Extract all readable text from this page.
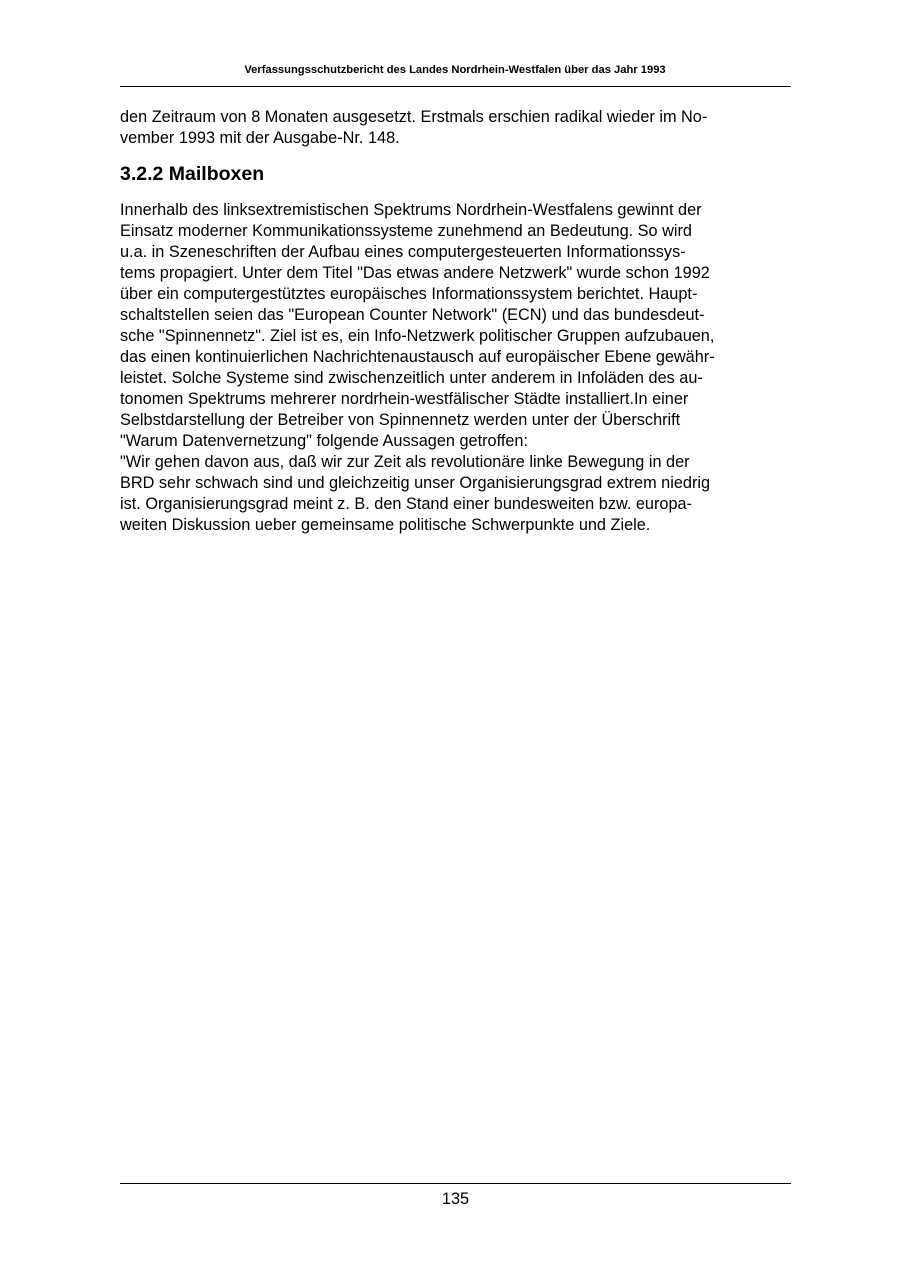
Verfassungsschutzbericht des Landes Nordrhein-Westfalen über das Jahr 1993
den Zeitraum von 8 Monaten ausgesetzt. Erstmals erschien radikal wieder im No-
vember 1993 mit der Ausgabe-Nr. 148.
3.2.2 Mailboxen
Innerhalb des linksextremistischen Spektrums Nordrhein-Westfalens gewinnt der
Einsatz moderner Kommunikationssysteme zunehmend an Bedeutung. So wird
u.a. in Szeneschriften der Aufbau eines computergesteuerten Informationssys-
tems propagiert. Unter dem Titel "Das etwas andere Netzwerk" wurde schon 1992
über ein computergestütztes europäisches Informationssystem berichtet. Haupt-
schaltstellen seien das "European Counter Network" (ECN) und das bundesdeut-
sche "Spinnennetz". Ziel ist es, ein Info-Netzwerk politischer Gruppen aufzubauen,
das einen kontinuierlichen Nachrichtenaustausch auf europäischer Ebene gewähr-
leistet. Solche Systeme sind zwischenzeitlich unter anderem in Infoläden des au-
tonomen Spektrums mehrerer nordrhein-westfälischer Städte installiert.In einer
Selbstdarstellung der Betreiber von Spinnennetz werden unter der Überschrift
"Warum Datenvernetzung" folgende Aussagen getroffen:
"Wir gehen davon aus, daß wir zur Zeit als revolutionäre linke Bewegung in der
BRD sehr schwach sind und gleichzeitig unser Organisierungsgrad extrem niedrig
ist. Organisierungsgrad meint z. B. den Stand einer bundesweiten bzw. europa-
weiten Diskussion ueber gemeinsame politische Schwerpunkte und Ziele.
135
